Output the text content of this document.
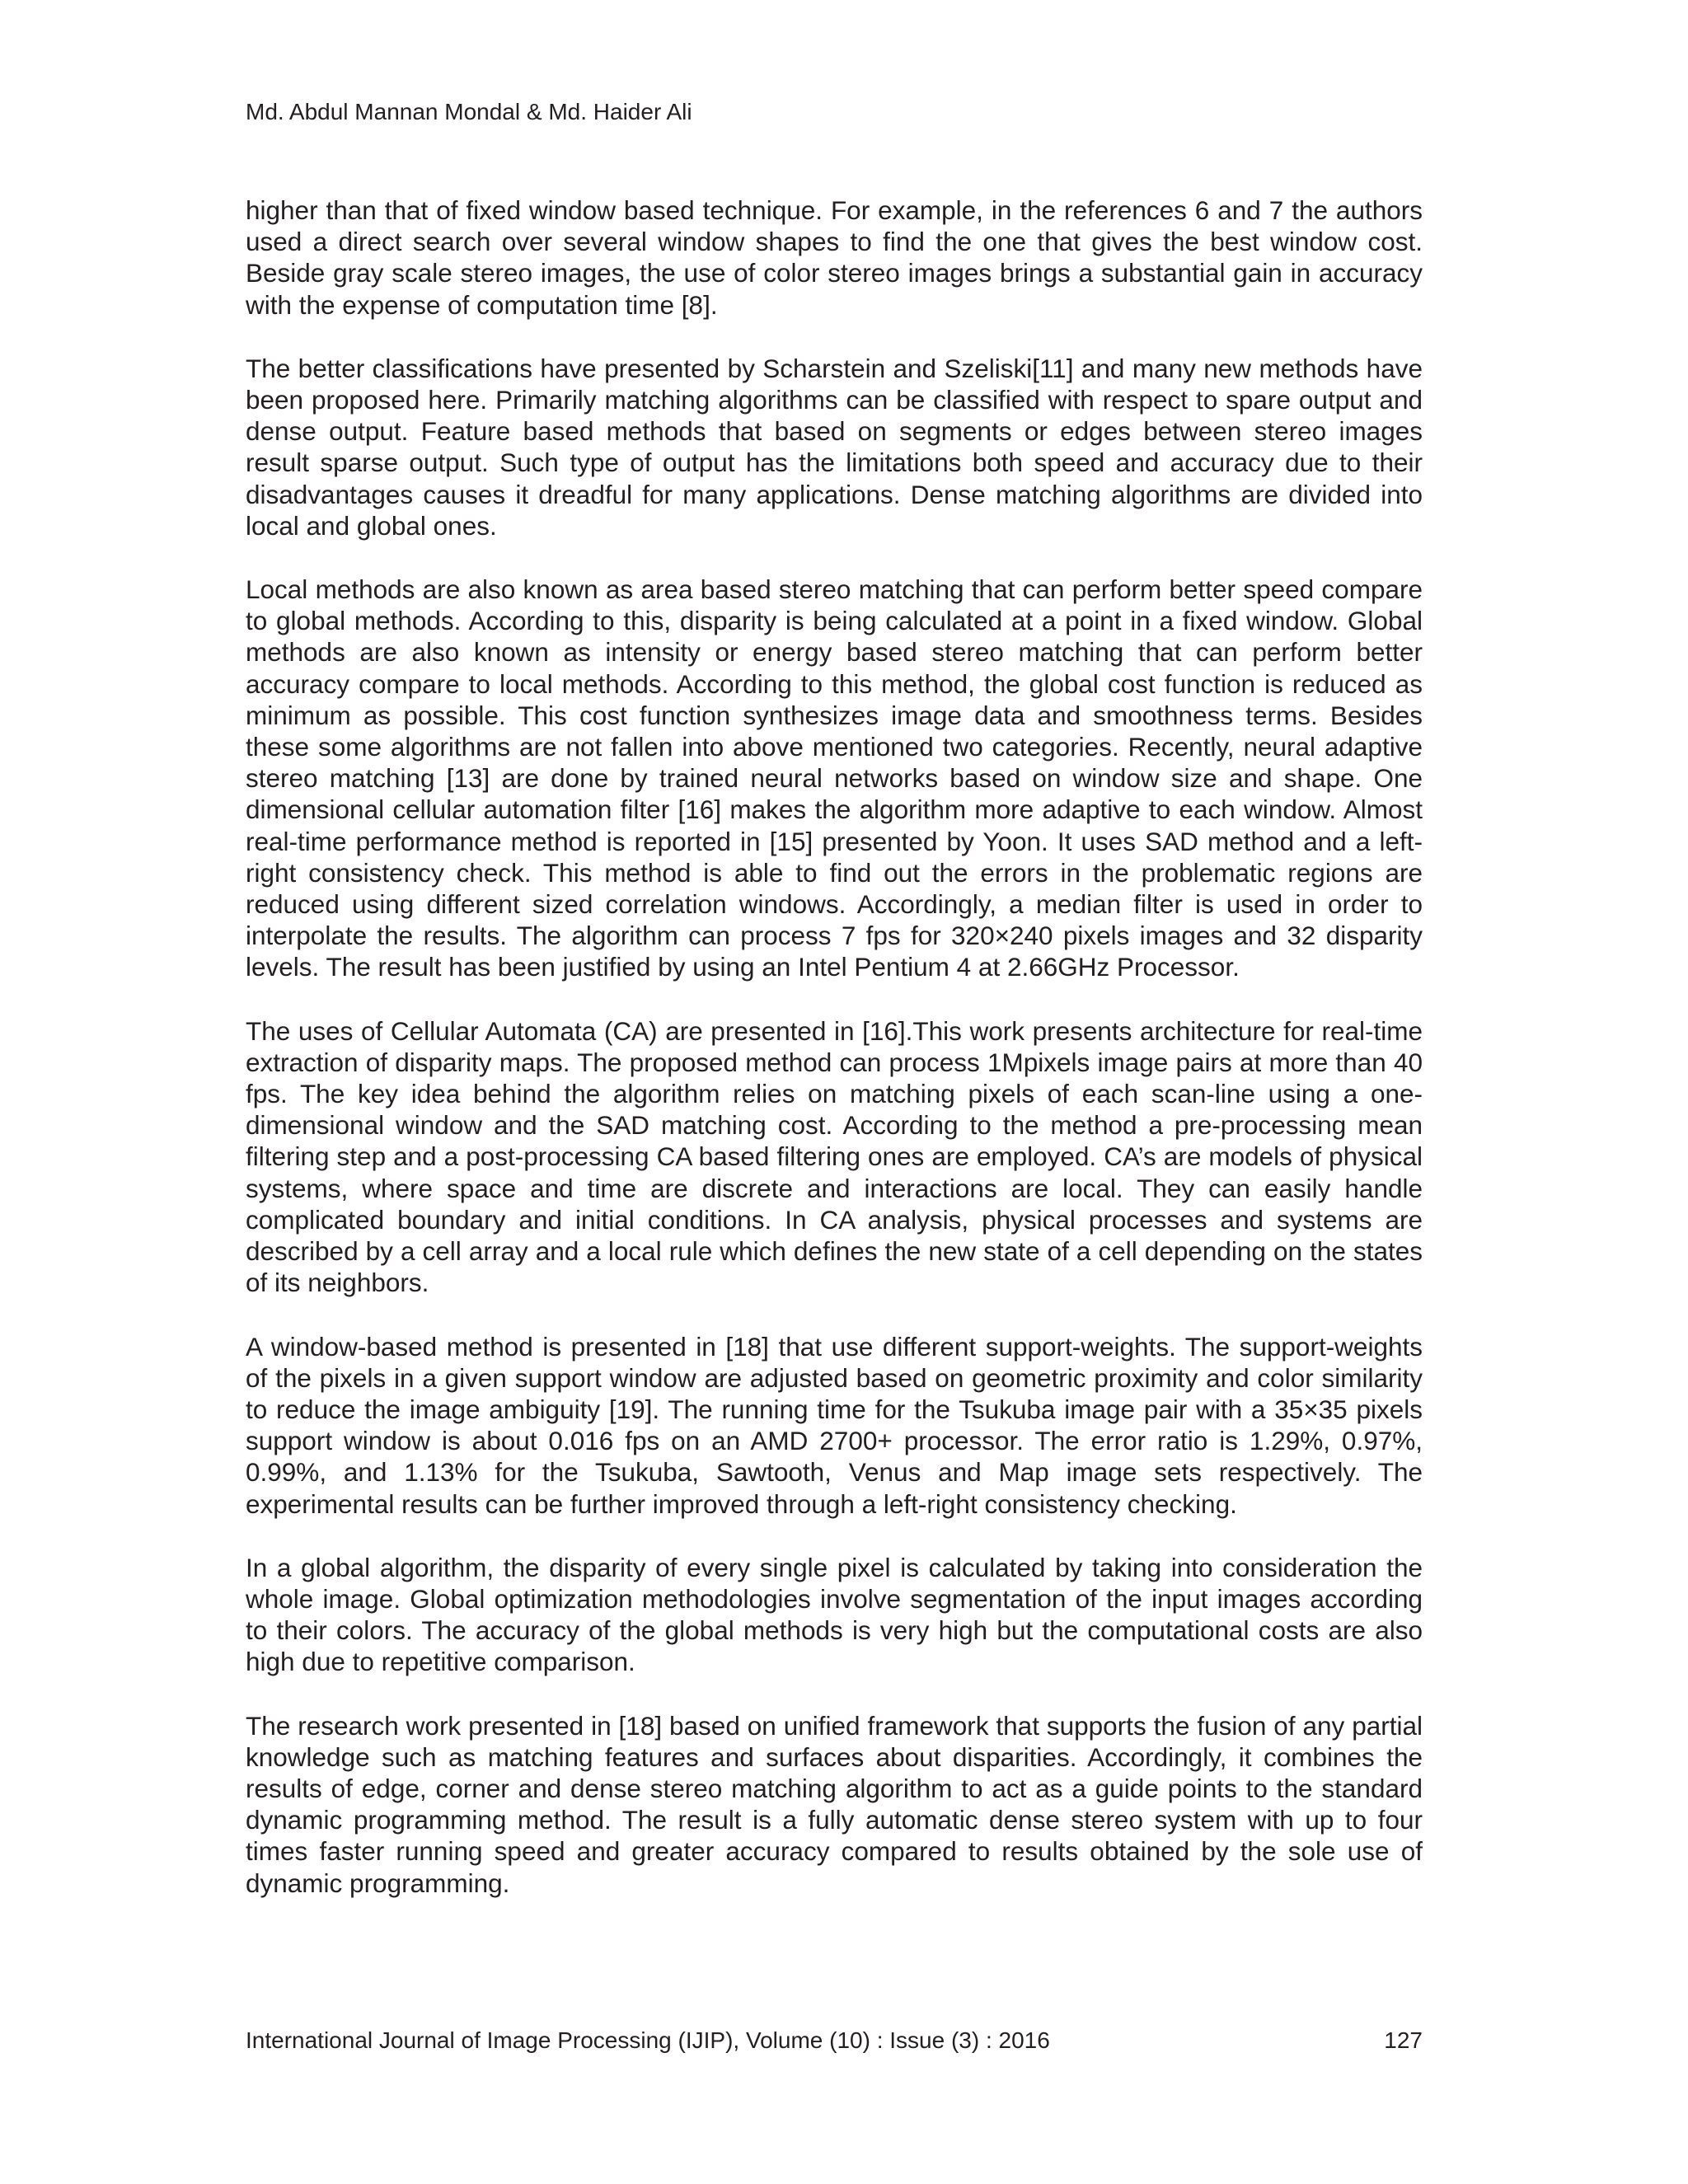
Md. Abdul Mannan Mondal & Md. Haider Ali

higher than that of fixed window based technique. For example, in the references 6 and 7 the authors used a direct search over several window shapes to find the one that gives the best window cost. Beside gray scale stereo images, the use of color stereo images brings a substantial gain in accuracy with the expense of computation time [8].

The better classifications have presented by Scharstein and Szeliski[11] and many new methods have been proposed here. Primarily matching algorithms can be classified with respect to spare output and dense output. Feature based methods that based on segments or edges between stereo images result sparse output. Such type of output has the limitations both speed and accuracy due to their disadvantages causes it dreadful for many applications. Dense matching algorithms are divided into local and global ones.

Local methods are also known as area based stereo matching that can perform better speed compare to global methods. According to this, disparity is being calculated at a point in a fixed window. Global methods are also known as intensity or energy based stereo matching that can perform better accuracy compare to local methods. According to this method, the global cost function is reduced as minimum as possible. This cost function synthesizes image data and smoothness terms. Besides these some algorithms are not fallen into above mentioned two categories. Recently, neural adaptive stereo matching [13] are done by trained neural networks based on window size and shape. One dimensional cellular automation filter [16] makes the algorithm more adaptive to each window. Almost real-time performance method is reported in [15] presented by Yoon. It uses SAD method and a left-right consistency check. This method is able to find out the errors in the problematic regions are reduced using different sized correlation windows. Accordingly, a median filter is used in order to interpolate the results. The algorithm can process 7 fps for 320×240 pixels images and 32 disparity levels. The result has been justified by using an Intel Pentium 4 at 2.66GHz Processor.

The uses of Cellular Automata (CA) are presented in [16].This work presents architecture for real-time extraction of disparity maps. The proposed method can process 1Mpixels image pairs at more than 40 fps. The key idea behind the algorithm relies on matching pixels of each scan-line using a one-dimensional window and the SAD matching cost. According to the method a pre-processing mean filtering step and a post-processing CA based filtering ones are employed. CA’s are models of physical systems, where space and time are discrete and interactions are local. They can easily handle complicated boundary and initial conditions. In CA analysis, physical processes and systems are described by a cell array and a local rule which defines the new state of a cell depending on the states of its neighbors.

A window-based method is presented in [18] that use different support-weights. The support-weights of the pixels in a given support window are adjusted based on geometric proximity and color similarity to reduce the image ambiguity [19]. The running time for the Tsukuba image pair with a 35×35 pixels support window is about 0.016 fps on an AMD 2700+ processor. The error ratio is 1.29%, 0.97%, 0.99%, and 1.13% for the Tsukuba, Sawtooth, Venus and Map image sets respectively. The experimental results can be further improved through a left-right consistency checking.

In a global algorithm, the disparity of every single pixel is calculated by taking into consideration the whole image. Global optimization methodologies involve segmentation of the input images according to their colors. The accuracy of the global methods is very high but the computational costs are also high due to repetitive comparison.

The research work presented in [18] based on unified framework that supports the fusion of any partial knowledge such as matching features and surfaces about disparities. Accordingly, it combines the results of edge, corner and dense stereo matching algorithm to act as a guide points to the standard dynamic programming method. The result is a fully automatic dense stereo system with up to four times faster running speed and greater accuracy compared to results obtained by the sole use of dynamic programming.

International Journal of Image Processing (IJIP), Volume (10) : Issue (3) : 2016	127
